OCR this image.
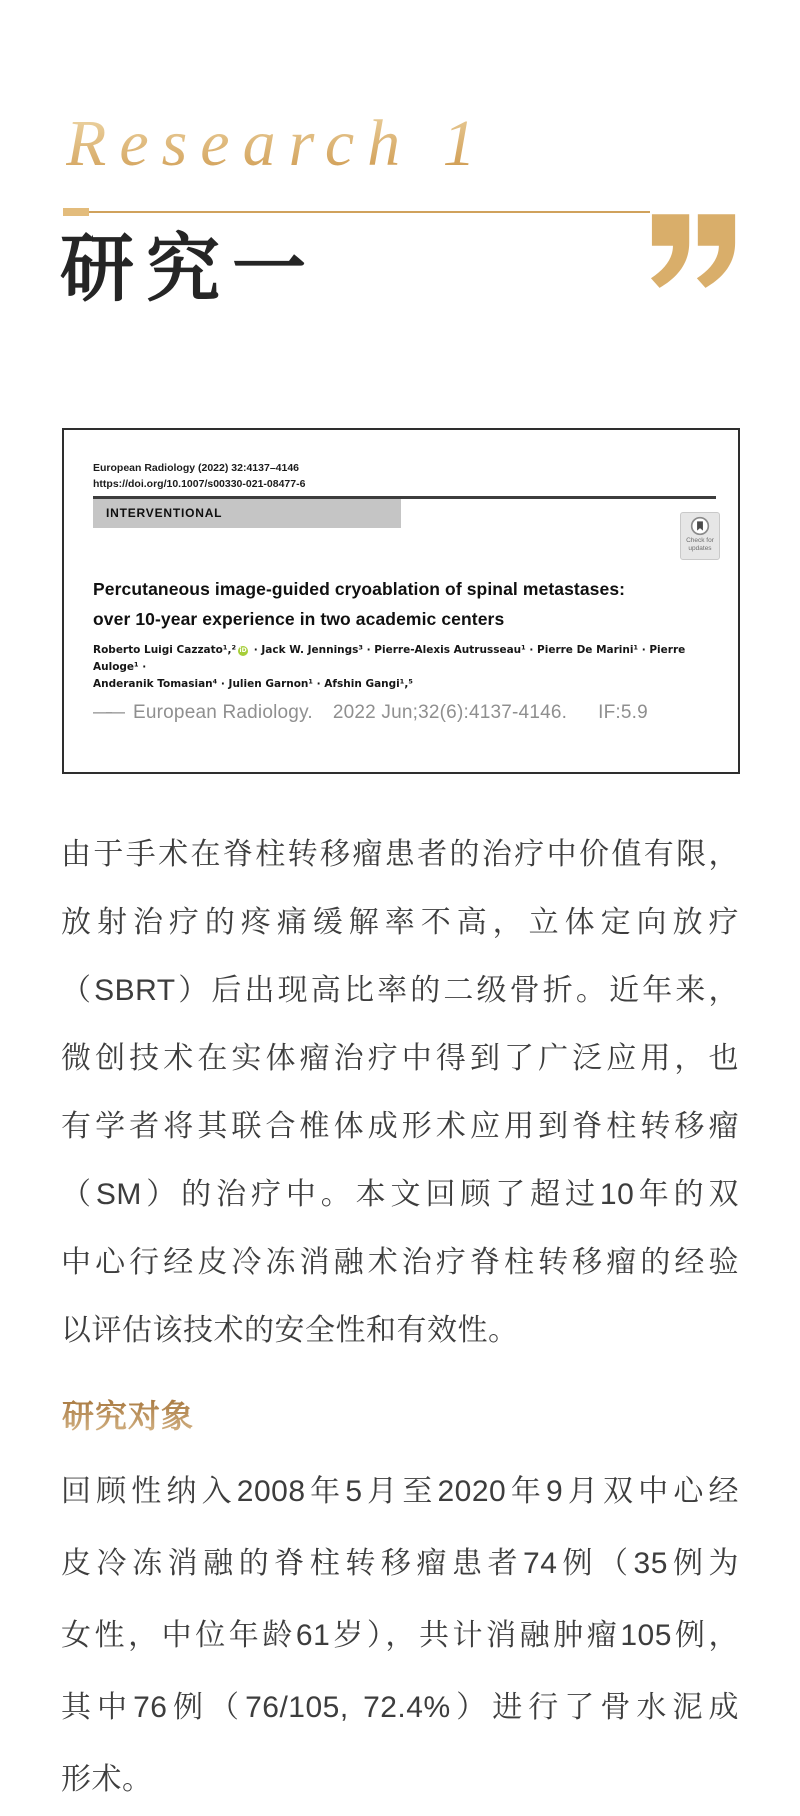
Research 1
研究一
European Radiology (2022) 32:4137–4146
https://doi.org/10.1007/s00330-021-08477-6
INTERVENTIONAL
Check for
updates
Percutaneous image-guided cryoablation of spinal metastases:
over 10-year experience in two academic centers
Roberto Luigi Cazzato¹,² iD · Jack W. Jennings³ · Pierre-Alexis Autrusseau¹ · Pierre De Marini¹ · Pierre Auloge¹ ·
Anderanik Tomasian⁴ · Julien Garnon¹ · Afshin Gangi¹,⁵
—— European Radiology. 2022 Jun;32(6):4137-4146. IF:5.9
由于手术在脊柱转移瘤患者的治疗中价值有限，
放射治疗的疼痛缓解率不高，立体定向放疗
（SBRT）后出现高比率的二级骨折。近年来，
微创技术在实体瘤治疗中得到了广泛应用，也
有学者将其联合椎体成形术应用到脊柱转移瘤
（SM）的治疗中。本文回顾了超过10年的双
中心行经皮冷冻消融术治疗脊柱转移瘤的经验
以评估该技术的安全性和有效性。
研究对象
回顾性纳入2008年5月至2020年9月双中心经
皮冷冻消融的脊柱转移瘤患者74例（35例为
女性，中位年龄61岁），共计消融肿瘤105例，
其中76例（76/105, 72.4%）进行了骨水泥成
形术。
